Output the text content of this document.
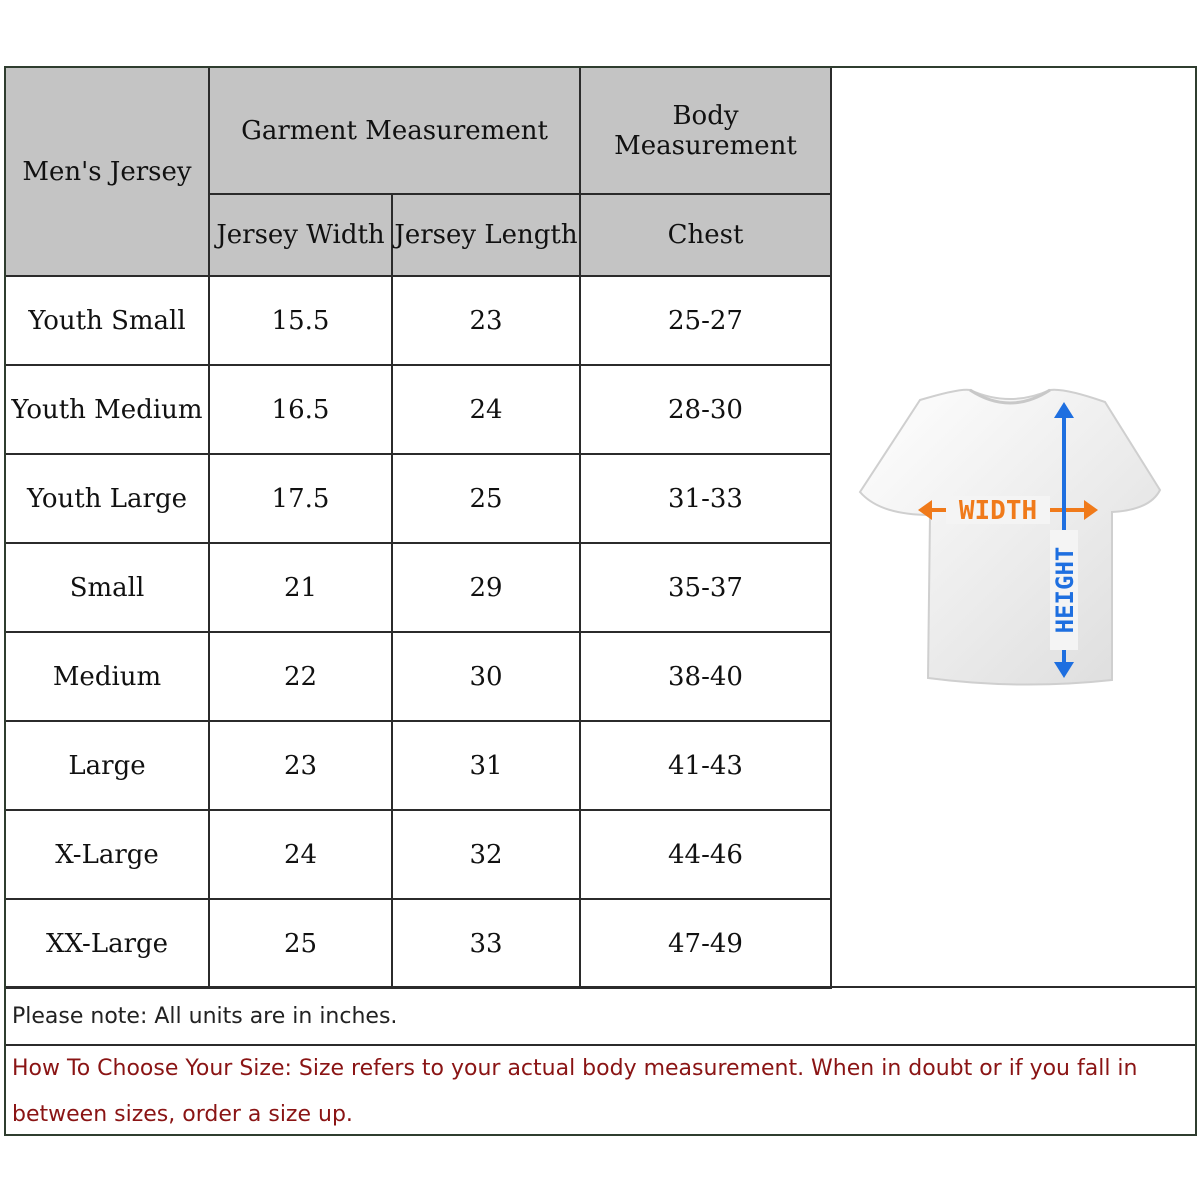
Men's Jersey	Garment Measurement		Body Measurement
	Jersey Width	Jersey Length	Chest
Youth Small	15.5	23	25-27
Youth Medium	16.5	24	28-30
Youth Large	17.5	25	31-33
Small	21	29	35-37
Medium	22	30	38-40
Large	23	31	41-43
X-Large	24	32	44-46
XX-Large	25	33	47-49
Please note: All units are in inches.
How To Choose Your Size: Size refers to your actual body measurement. When in doubt or if you fall in between sizes, order a size up.
WIDTH
HEIGHT
